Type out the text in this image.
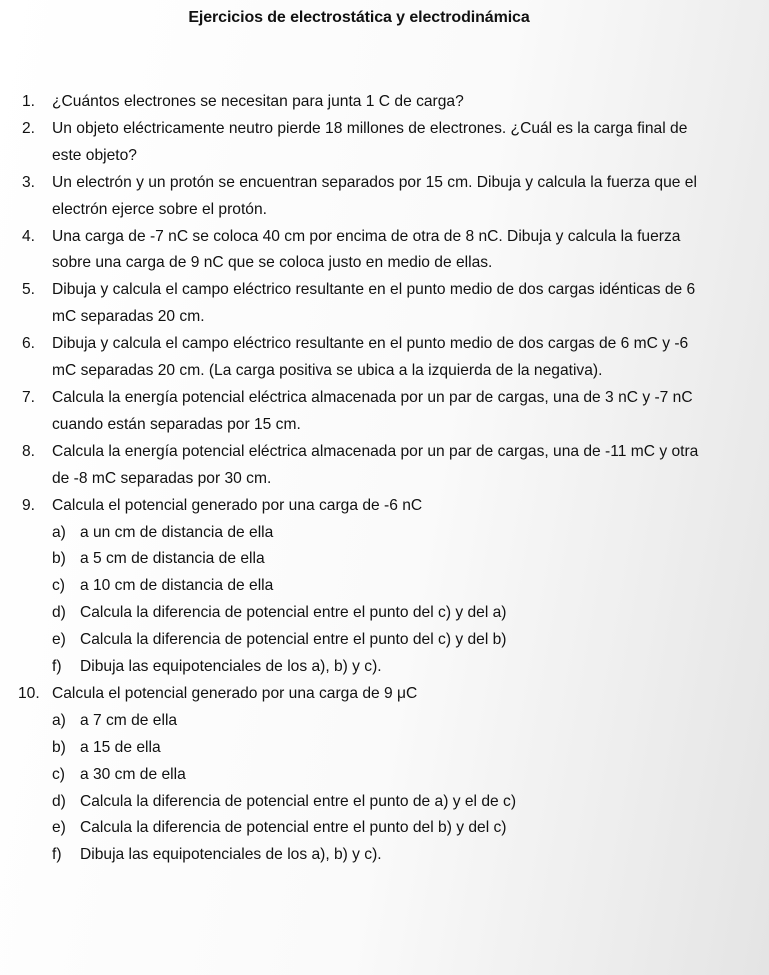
Ejercicios de electrostática y electrodinámica
1. ¿Cuántos electrones se necesitan para junta 1 C de carga?
2. Un objeto eléctricamente neutro pierde 18 millones de electrones. ¿Cuál es la carga final de este objeto?
3. Un electrón y un protón se encuentran separados por 15 cm. Dibuja y calcula la fuerza que el electrón ejerce sobre el protón.
4. Una carga de -7 nC se coloca 40 cm por encima de otra de 8 nC. Dibuja y calcula la fuerza sobre una carga de 9 nC que se coloca justo en medio de ellas.
5. Dibuja y calcula el campo eléctrico resultante en el punto medio de dos cargas idénticas de 6 mC separadas 20 cm.
6. Dibuja y calcula el campo eléctrico resultante en el punto medio de dos cargas de 6 mC y -6 mC separadas 20 cm. (La carga positiva se ubica a la izquierda de la negativa).
7. Calcula la energía potencial eléctrica almacenada por un par de cargas, una de 3 nC y -7 nC cuando están separadas por 15 cm.
8. Calcula la energía potencial eléctrica almacenada por un par de cargas, una de -11 mC y otra de -8 mC separadas por 30 cm.
9. Calcula el potencial generado por una carga de -6 nC
a) a un cm de distancia de ella
b) a 5 cm de distancia de ella
c) a 10 cm de distancia de ella
d) Calcula la diferencia de potencial entre el punto del c) y del a)
e) Calcula la diferencia de potencial entre el punto del c) y del b)
f) Dibuja las equipotenciales de los a), b) y c).
10. Calcula el potencial generado por una carga de 9 μC
a) a 7 cm de ella
b) a 15 de ella
c) a 30 cm de ella
d) Calcula la diferencia de potencial entre el punto de a) y el de c)
e) Calcula la diferencia de potencial entre el punto del b) y del c)
f) Dibuja las equipotenciales de los a), b) y c).
